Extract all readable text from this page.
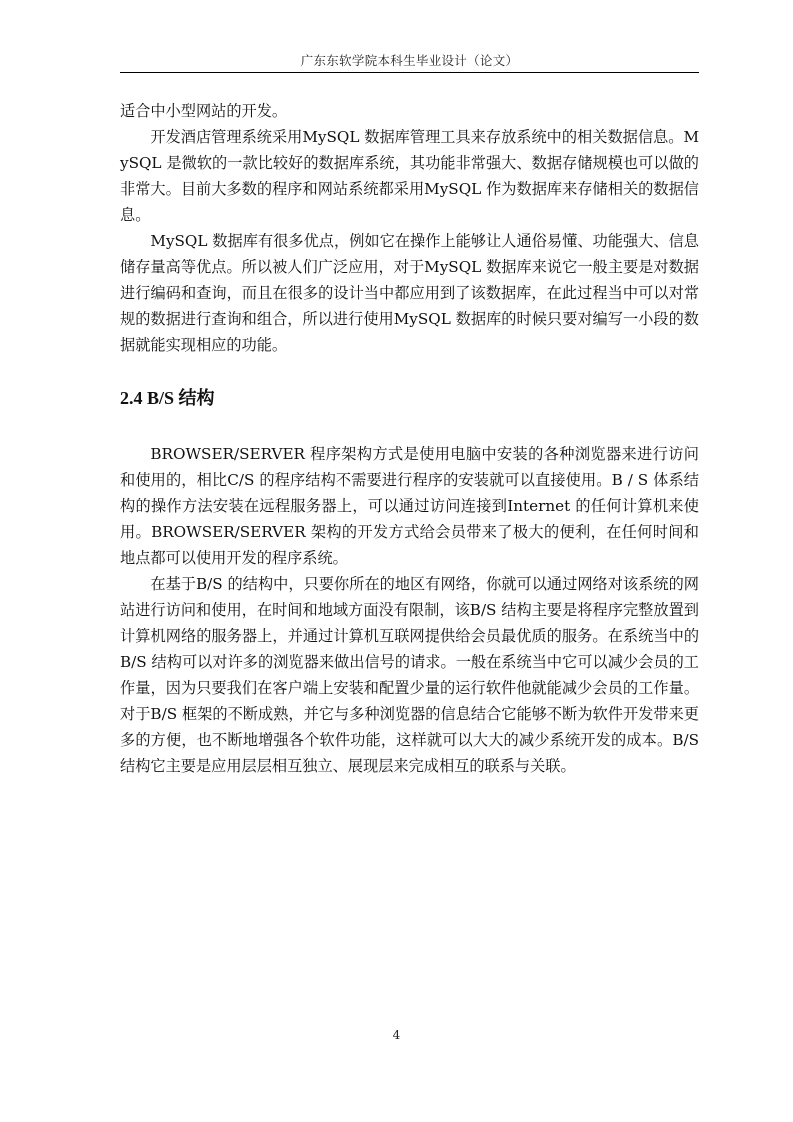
广东东软学院本科生毕业设计（论文）

适合中小型网站的开发。

开发酒店管理系统采用MySQL 数据库管理工具来存放系统中的相关数据信息。MySQL 是微软的一款比较好的数据库系统，其功能非常强大、数据存储规模也可以做的非常大。目前大多数的程序和网站系统都采用MySQL 作为数据库来存储相关的数据信息。

MySQL 数据库有很多优点，例如它在操作上能够让人通俗易懂、功能强大、信息储存量高等优点。所以被人们广泛应用，对于MySQL 数据库来说它一般主要是对数据进行编码和查询，而且在很多的设计当中都应用到了该数据库，在此过程当中可以对常规的数据进行查询和组合，所以进行使用MySQL 数据库的时候只要对编写一小段的数据就能实现相应的功能。

2.4 B/S 结构

BROWSER/SERVER 程序架构方式是使用电脑中安装的各种浏览器来进行访问和使用的，相比C/S 的程序结构不需要进行程序的安装就可以直接使用。B / S 体系结构的操作方法安装在远程服务器上，可以通过访问连接到Internet 的任何计算机来使用。BROWSER/SERVER 架构的开发方式给会员带来了极大的便利，在任何时间和地点都可以使用开发的程序系统。

在基于B/S 的结构中，只要你所在的地区有网络，你就可以通过网络对该系统的网站进行访问和使用，在时间和地域方面没有限制，该B/S 结构主要是将程序完整放置到计算机网络的服务器上，并通过计算机互联网提供给会员最优质的服务。在系统当中的B/S 结构可以对许多的浏览器来做出信号的请求。一般在系统当中它可以减少会员的工作量，因为只要我们在客户端上安装和配置少量的运行软件他就能减少会员的工作量。对于B/S 框架的不断成熟，并它与多种浏览器的信息结合它能够不断为软件开发带来更多的方便，也不断地增强各个软件功能，这样就可以大大的减少系统开发的成本。B/S 结构它主要是应用层层相互独立、展现层来完成相互的联系与关联。

4
